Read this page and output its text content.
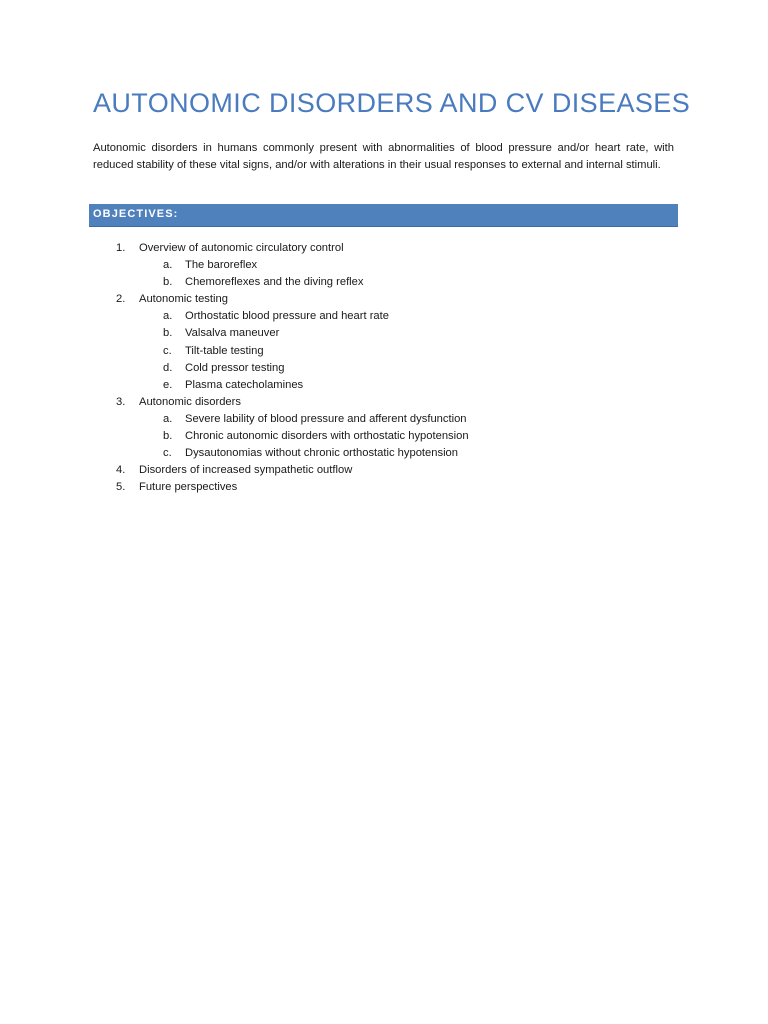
AUTONOMIC DISORDERS AND CV DISEASES

Autonomic disorders in humans commonly present with abnormalities of blood pressure and/or heart rate, with reduced stability of these vital signs, and/or with alterations in their usual responses to external and internal stimuli.

OBJECTIVES:
1. Overview of autonomic circulatory control
a. The baroreflex
b. Chemoreflexes and the diving reflex
2. Autonomic testing
a. Orthostatic blood pressure and heart rate
b. Valsalva maneuver
c. Tilt-table testing
d. Cold pressor testing
e. Plasma catecholamines
3. Autonomic disorders
a. Severe lability of blood pressure and afferent dysfunction
b. Chronic autonomic disorders with orthostatic hypotension
c. Dysautonomias without chronic orthostatic hypotension
4. Disorders of increased sympathetic outflow
5. Future perspectives
